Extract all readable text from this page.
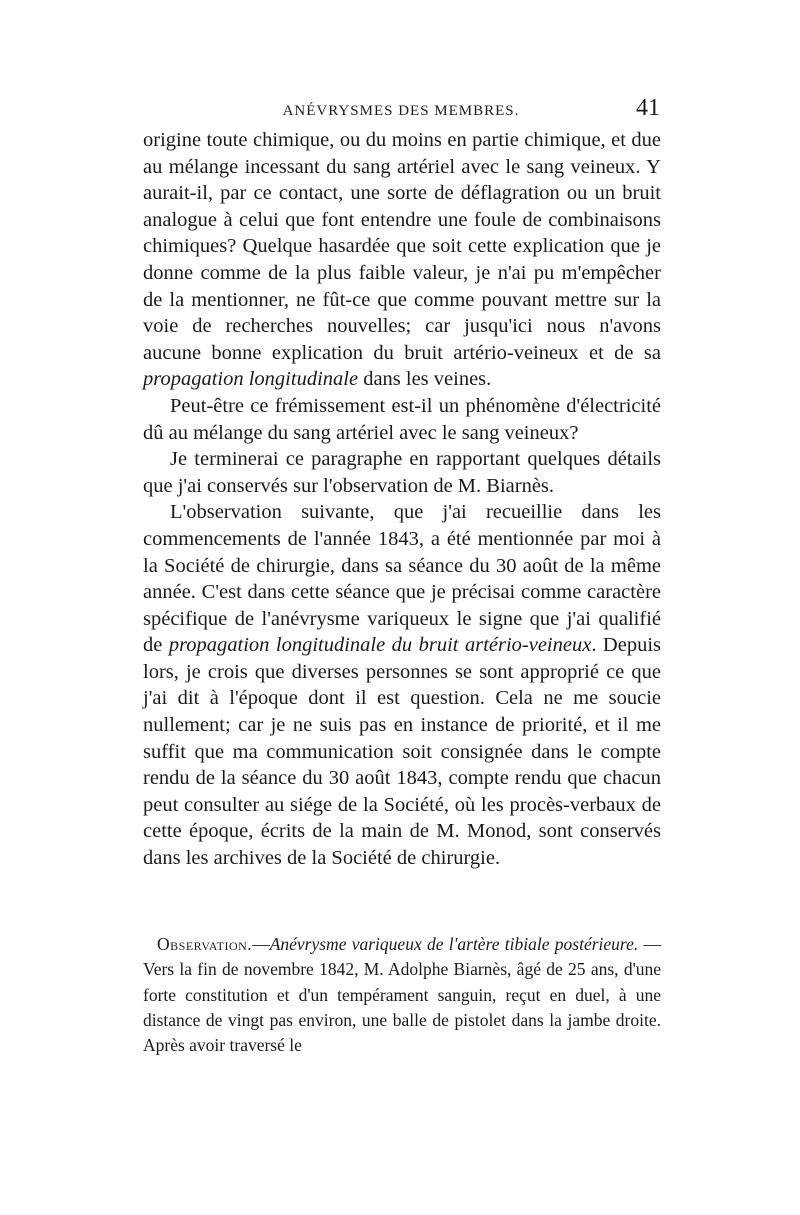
ANÉVRYSMES DES MEMBRES.	41

origine toute chimique, ou du moins en partie chimique, et due au mélange incessant du sang artériel avec le sang veineux. Y aurait-il, par ce contact, une sorte de déflagration ou un bruit analogue à celui que font entendre une foule de combinaisons chimiques? Quelque hasardée que soit cette explication que je donne comme de la plus faible valeur, je n'ai pu m'empêcher de la mentionner, ne fût-ce que comme pouvant mettre sur la voie de recherches nouvelles; car jusqu'ici nous n'avons aucune bonne explication du bruit artério-veineux et de sa propagation longitudinale dans les veines.

Peut-être ce frémissement est-il un phénomène d'électricité dû au mélange du sang artériel avec le sang veineux?

Je terminerai ce paragraphe en rapportant quelques détails que j'ai conservés sur l'observation de M. Biarnès.

L'observation suivante, que j'ai recueillie dans les commencements de l'année 1843, a été mentionnée par moi à la Société de chirurgie, dans sa séance du 30 août de la même année. C'est dans cette séance que je précisai comme caractère spécifique de l'anévrysme variqueux le signe que j'ai qualifié de propagation longitudinale du bruit artério-veineux. Depuis lors, je crois que diverses personnes se sont approprié ce que j'ai dit à l'époque dont il est question. Cela ne me soucie nullement; car je ne suis pas en instance de priorité, et il me suffit que ma communication soit consignée dans le compte rendu de la séance du 30 août 1843, compte rendu que chacun peut consulter au siége de la Société, où les procès-verbaux de cette époque, écrits de la main de M. Monod, sont conservés dans les archives de la Société de chirurgie.

Observation.—Anévrysme variqueux de l'artère tibiale postérieure. —Vers la fin de novembre 1842, M. Adolphe Biarnès, âgé de 25 ans, d'une forte constitution et d'un tempérament sanguin, reçut en duel, à une distance de vingt pas environ, une balle de pistolet dans la jambe droite. Après avoir traversé le
